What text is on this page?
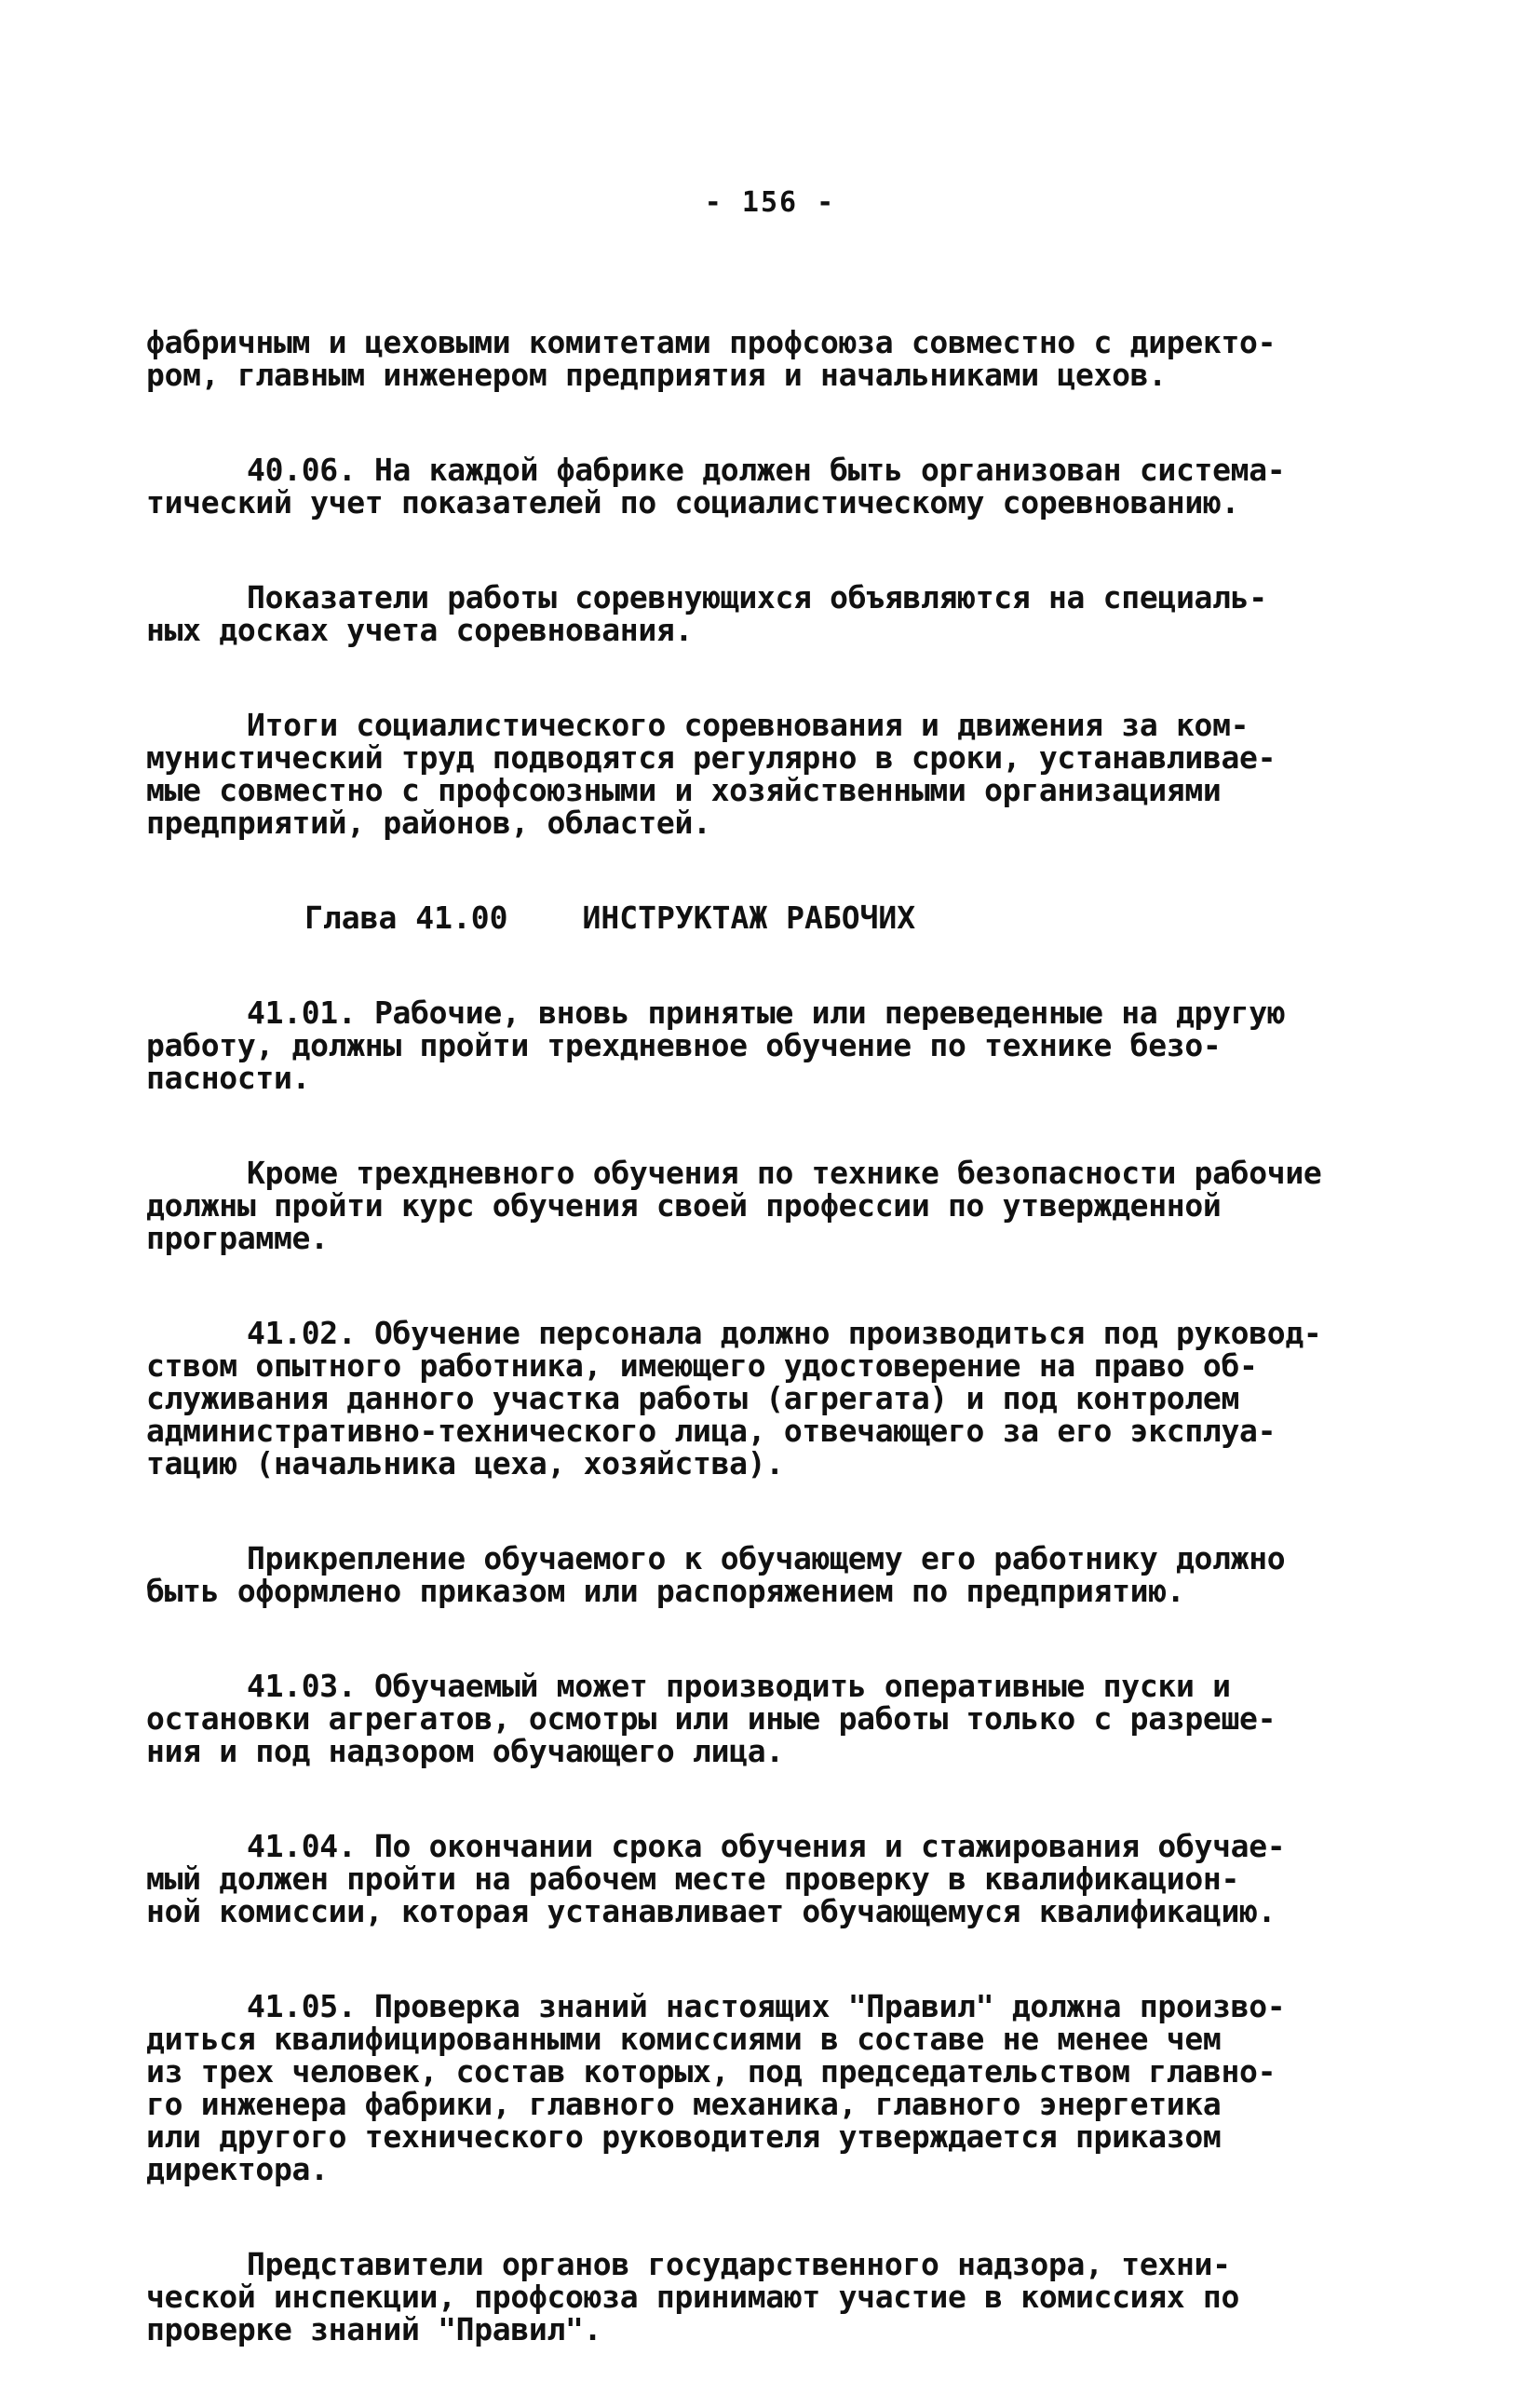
- 156 -

фабричным и цеховыми комитетами профсоюза совместно с директо-
ром, главным инженером предприятия и начальниками цехов.

40.06. На каждой фабрике должен быть организован система-
тический учет показателей по социалистическому соревнованию.

Показатели работы соревнующихся объявляются на специаль-
ных досках учета соревнования.

Итоги социалистического соревнования и движения за ком-
мунистический труд подводятся регулярно в сроки, устанавливае-
мые совместно с профсоюзными и хозяйственными организациями
предприятий, районов, областей.

Глава 41.00 ИНСТРУКТАЖ РАБОЧИХ

41.01. Рабочие, вновь принятые или переведенные на другую
работу, должны пройти трехдневное обучение по технике безо-
пасности.

Кроме трехдневного обучения по технике безопасности рабочие
должны пройти курс обучения своей профессии по утвержденной
программе.

41.02. Обучение персонала должно производиться под руковод-
ством опытного работника, имеющего удостоверение на право об-
служивания данного участка работы (агрегата) и под контролем
административно-технического лица, отвечающего за его эксплуа-
тацию (начальника цеха, хозяйства).

Прикрепление обучаемого к обучающему его работнику должно
быть оформлено приказом или распоряжением по предприятию.

41.03. Обучаемый может производить оперативные пуски и
остановки агрегатов, осмотры или иные работы только с разреше-
ния и под надзором обучающего лица.

41.04. По окончании срока обучения и стажирования обучае-
мый должен пройти на рабочем месте проверку в квалификацион-
ной комиссии, которая устанавливает обучающемуся квалификацию.

41.05. Проверка знаний настоящих "Правил" должна произво-
диться квалифицированными комиссиями в составе не менее чем
из трех человек, состав которых, под председательством главно-
го инженера фабрики, главного механика, главного энергетика
или другого технического руководителя утверждается приказом
директора.

Представители органов государственного надзора, техни-
ческой инспекции, профсоюза принимают участие в комиссиях по
проверке знаний "Правил".
